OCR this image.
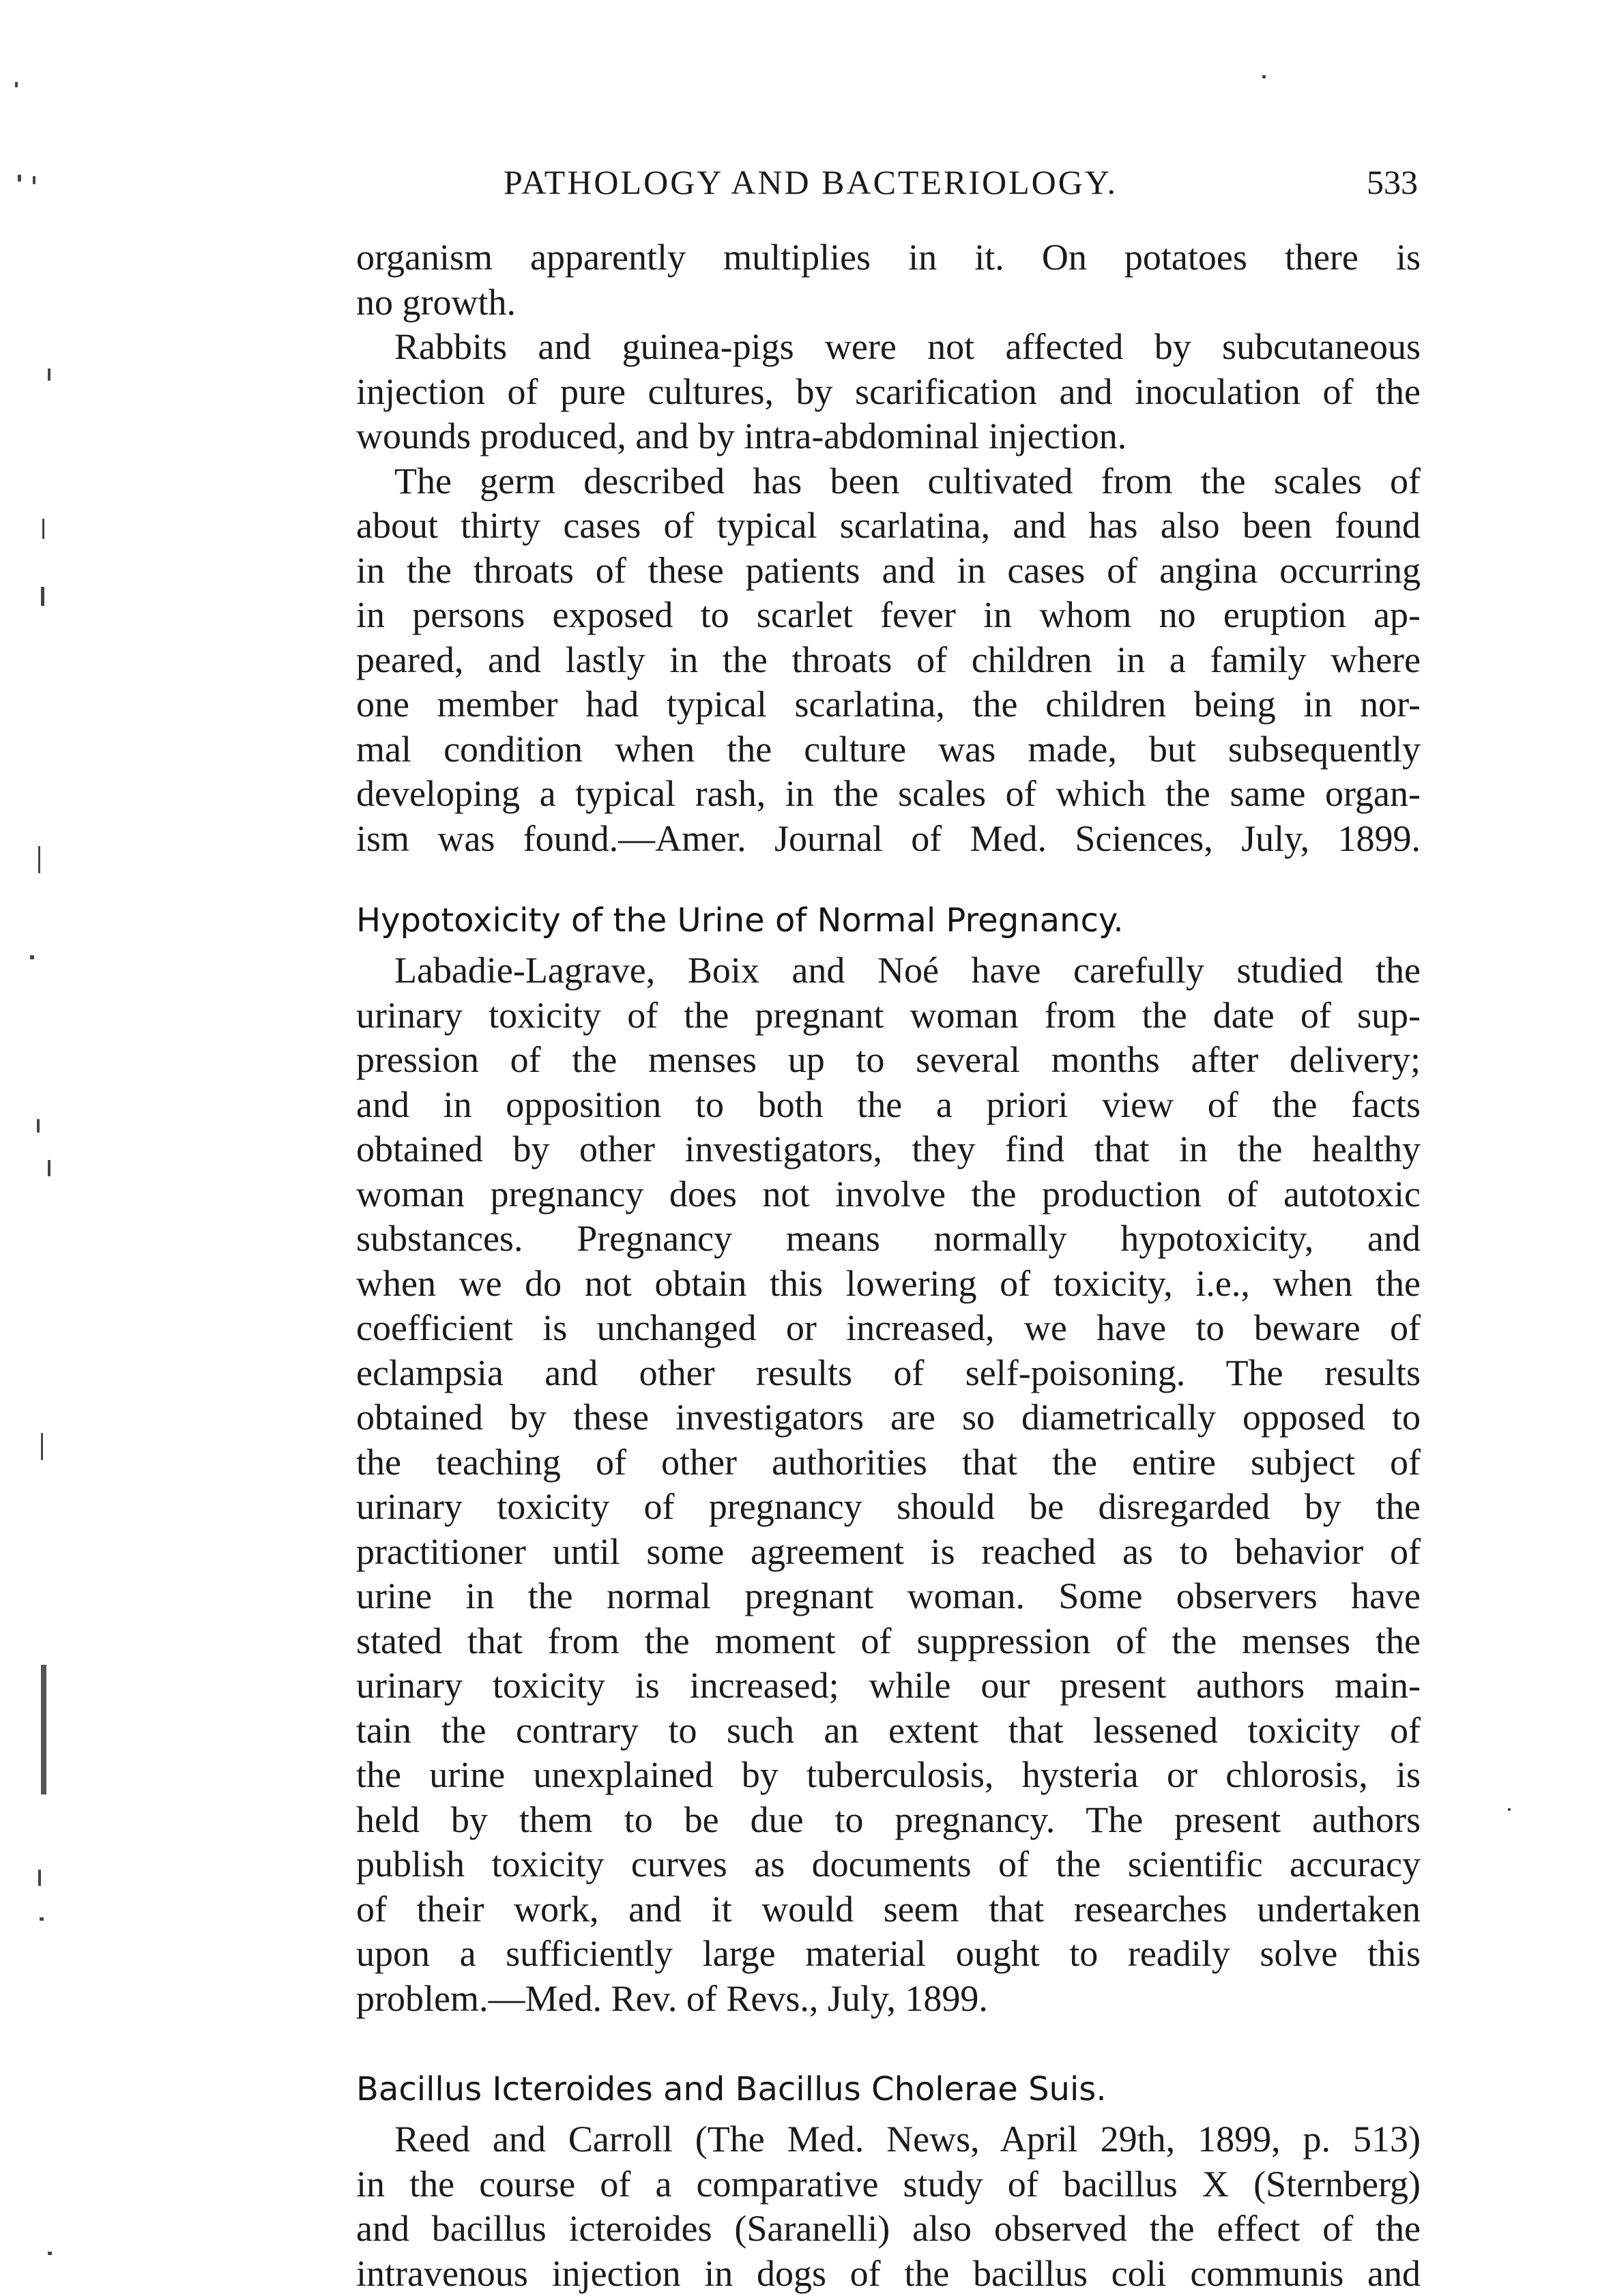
PATHOLOGY AND BACTERIOLOGY.	533
organism apparently multiplies in it. On potatoes there is
no growth.
Rabbits and guinea-pigs were not affected by subcutaneous
injection of pure cultures, by scarification and inoculation of the
wounds produced, and by intra-abdominal injection.
The germ described has been cultivated from the scales of
about thirty cases of typical scarlatina, and has also been found
in the throats of these patients and in cases of angina occurring
in persons exposed to scarlet fever in whom no eruption ap-
peared, and lastly in the throats of children in a family where
one member had typical scarlatina, the children being in nor-
mal condition when the culture was made, but subsequently
developing a typical rash, in the scales of which the same organ-
ism was found.—Amer. Journal of Med. Sciences, July, 1899.
Hypotoxicity of the Urine of Normal Pregnancy.
Labadie-Lagrave, Boix and Noé have carefully studied the
urinary toxicity of the pregnant woman from the date of sup-
pression of the menses up to several months after delivery;
and in opposition to both the a priori view of the facts
obtained by other investigators, they find that in the healthy
woman pregnancy does not involve the production of autotoxic
substances. Pregnancy means normally hypotoxicity, and
when we do not obtain this lowering of toxicity, i.e., when the
coefficient is unchanged or increased, we have to beware of
eclampsia and other results of self-poisoning. The results
obtained by these investigators are so diametrically opposed to
the teaching of other authorities that the entire subject of
urinary toxicity of pregnancy should be disregarded by the
practitioner until some agreement is reached as to behavior of
urine in the normal pregnant woman. Some observers have
stated that from the moment of suppression of the menses the
urinary toxicity is increased; while our present authors main-
tain the contrary to such an extent that lessened toxicity of
the urine unexplained by tuberculosis, hysteria or chlorosis, is
held by them to be due to pregnancy. The present authors
publish toxicity curves as documents of the scientific accuracy
of their work, and it would seem that researches undertaken
upon a sufficiently large material ought to readily solve this
problem.—Med. Rev. of Revs., July, 1899.
Bacillus Icteroides and Bacillus Cholerae Suis.
Reed and Carroll (The Med. News, April 29th, 1899, p. 513)
in the course of a comparative study of bacillus X (Sternberg)
and bacillus icteroides (Saranelli) also observed the effect of the
intravenous injection in dogs of the bacillus coli communis and
